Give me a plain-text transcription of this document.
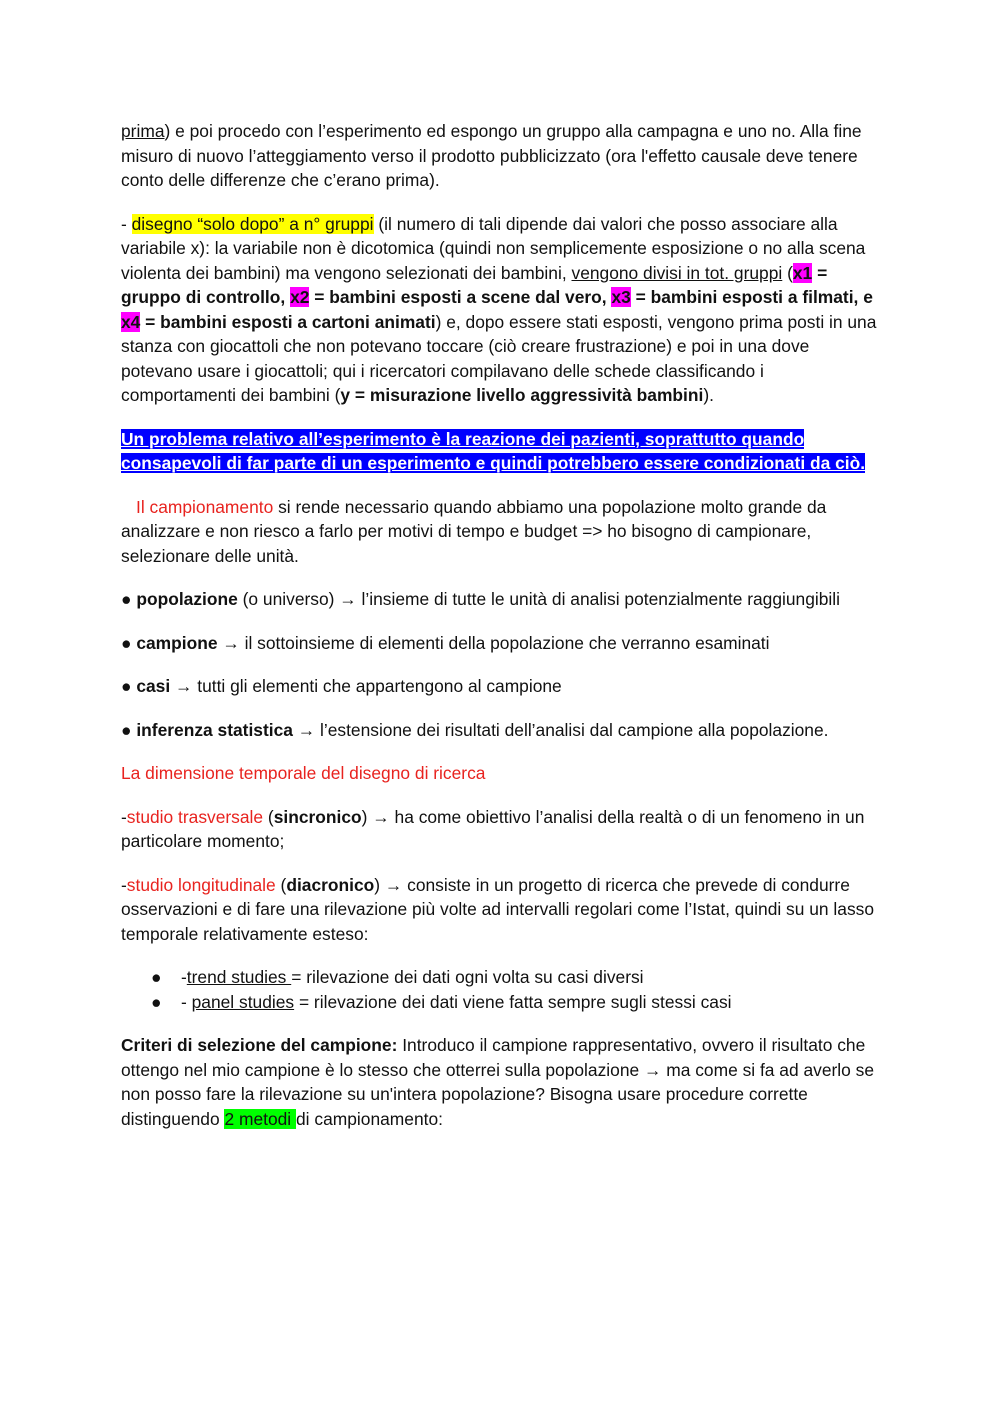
prima) e poi procedo con l’esperimento ed espongo un gruppo alla campagna e uno no. Alla fine misuro di nuovo l’atteggiamento verso il prodotto pubblicizzato (ora l'effetto causale deve tenere conto delle differenze che c’erano prima).

- disegno “solo dopo” a n° gruppi (il numero di tali dipende dai valori che posso associare alla variabile x): la variabile non è dicotomica (quindi non semplicemente esposizione o no alla scena violenta dei bambini) ma vengono selezionati dei bambini, vengono divisi in tot. gruppi (x1 = gruppo di controllo, x2 = bambini esposti a scene dal vero, x3 = bambini esposti a filmati, e x4 = bambini esposti a cartoni animati) e, dopo essere stati esposti, vengono prima posti in una stanza con giocattoli che non potevano toccare (ciò creare frustrazione) e poi in una dove potevano usare i giocattoli; qui i ricercatori compilavano delle schede classificando i comportamenti dei bambini (y = misurazione livello aggressività bambini).

Un problema relativo all’esperimento è la reazione dei pazienti, soprattutto quando consapevoli di far parte di un esperimento e quindi potrebbero essere condizionati da ciò.

Il campionamento si rende necessario quando abbiamo una popolazione molto grande da analizzare e non riesco a farlo per motivi di tempo e budget => ho bisogno di campionare, selezionare delle unità.

● popolazione (o universo) → l’insieme di tutte le unità di analisi potenzialmente raggiungibili

● campione → il sottoinsieme di elementi della popolazione che verranno esaminati

● casi → tutti gli elementi che appartengono al campione

● inferenza statistica → l’estensione dei risultati dell’analisi dal campione alla popolazione.

La dimensione temporale del disegno di ricerca

-studio trasversale (sincronico) → ha come obiettivo l’analisi della realtà o di un fenomeno in un particolare momento;

-studio longitudinale (diacronico) → consiste in un progetto di ricerca che prevede di condurre osservazioni e di fare una rilevazione più volte ad intervalli regolari come l’Istat, quindi su un lasso temporale relativamente esteso:

● -trend studies = rilevazione dei dati ogni volta su casi diversi
● - panel studies = rilevazione dei dati viene fatta sempre sugli stessi casi

Criteri di selezione del campione: Introduco il campione rappresentativo, ovvero il risultato che ottengo nel mio campione è lo stesso che otterrei sulla popolazione → ma come si fa ad averlo se non posso fare la rilevazione su un'intera popolazione? Bisogna usare procedure corrette distinguendo 2 metodi di campionamento:
